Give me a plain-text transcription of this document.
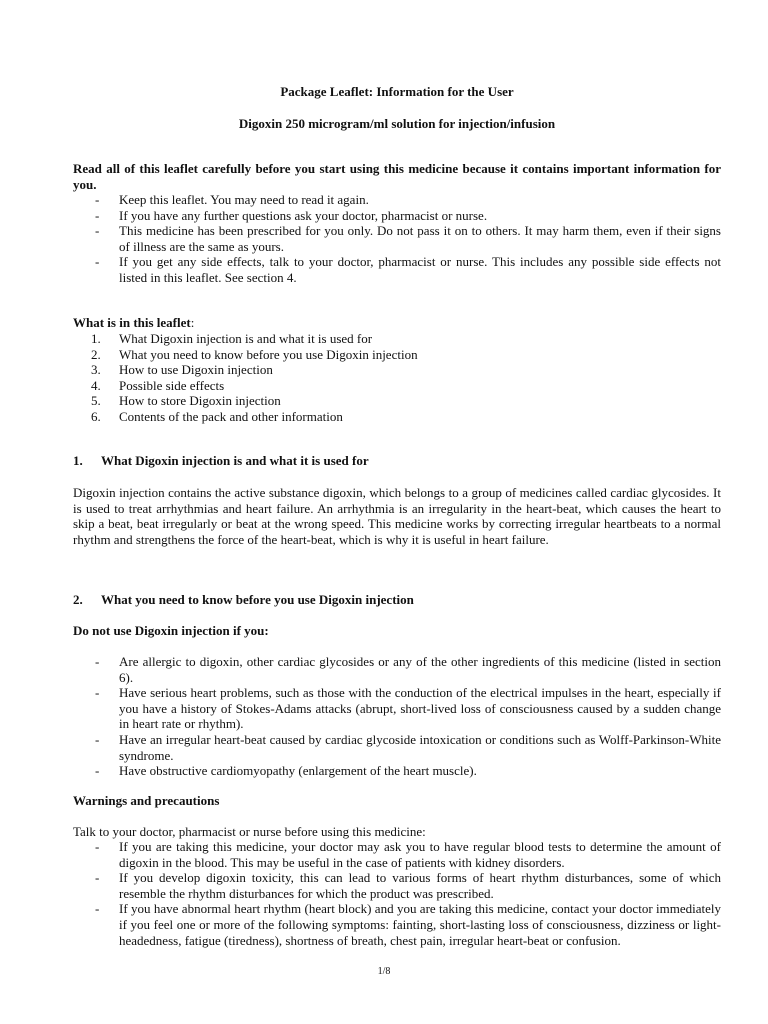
Package Leaflet: Information for the User

Digoxin 250 microgram/ml solution for injection/infusion

Read all of this leaflet carefully before you start using this medicine because it contains important information for you.

- Keep this leaflet. You may need to read it again.
- If you have any further questions ask your doctor, pharmacist or nurse.
- This medicine has been prescribed for you only. Do not pass it on to others. It may harm them, even if their signs of illness are the same as yours.
- If you get any side effects, talk to your doctor, pharmacist or nurse. This includes any possible side effects not listed in this leaflet. See section 4.

What is in this leaflet:

1.	What Digoxin injection is and what it is used for
2.	What you need to know before you use Digoxin injection
3.	How to use Digoxin injection
4.	Possible side effects
5.	How to store Digoxin injection
6.	Contents of the pack and other information

1. What Digoxin injection is and what it is used for

Digoxin injection contains the active substance digoxin, which belongs to a group of medicines called cardiac glycosides. It is used to treat arrhythmias and heart failure. An arrhythmia is an irregularity in the heart-beat, which causes the heart to skip a beat, beat irregularly or beat at the wrong speed. This medicine works by correcting irregular heartbeats to a normal rhythm and strengthens the force of the heart-beat, which is why it is useful in heart failure.

2. What you need to know before you use Digoxin injection

Do not use Digoxin injection if you:

- Are allergic to digoxin, other cardiac glycosides or any of the other ingredients of this medicine (listed in section 6).
- Have serious heart problems, such as those with the conduction of the electrical impulses in the heart, especially if you have a history of Stokes-Adams attacks (abrupt, short-lived loss of consciousness caused by a sudden change in heart rate or rhythm).
- Have an irregular heart-beat caused by cardiac glycoside intoxication or conditions such as Wolff-Parkinson-White syndrome.
- Have obstructive cardiomyopathy (enlargement of the heart muscle).

Warnings and precautions

Talk to your doctor, pharmacist or nurse before using this medicine:

- If you are taking this medicine, your doctor may ask you to have regular blood tests to determine the amount of digoxin in the blood. This may be useful in the case of patients with kidney disorders.
- If you develop digoxin toxicity, this can lead to various forms of heart rhythm disturbances, some of which resemble the rhythm disturbances for which the product was prescribed.
- If you have abnormal heart rhythm (heart block) and you are taking this medicine, contact your doctor immediately if you feel one or more of the following symptoms: fainting, short-lasting loss of consciousness, dizziness or light-headedness, fatigue (tiredness), shortness of breath, chest pain, irregular heart-beat or confusion.
1/8
